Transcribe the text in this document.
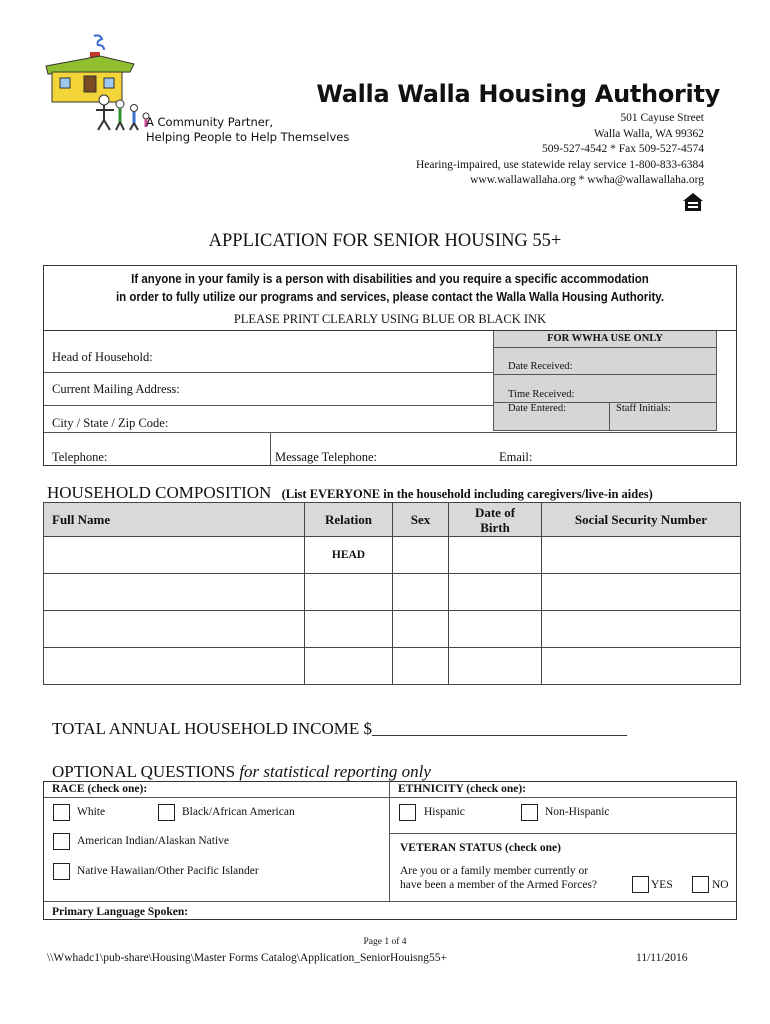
Walla Walla Housing Authority
A Community Partner,
Helping People to Help Themselves
501 Cayuse Street
Walla Walla, WA 99362
509-527-4542 * Fax 509-527-4574
Hearing-impaired, use statewide relay service 1-800-833-6384
www.wallawallaha.org * wwha@wallawallaha.org
APPLICATION FOR SENIOR HOUSING 55+
If anyone in your family is a person with disabilities and you require a specific accommodation
in order to fully utilize our programs and services, please contact the Walla Walla Housing Authority.
PLEASE PRINT CLEARLY USING BLUE OR BLACK INK
Head of Household:
Current Mailing Address:
City / State / Zip Code:
Telephone:	Message Telephone:	Email:
FOR WWHA USE ONLY
Date Received:
Time Received:
Date Entered:	Staff Initials:
HOUSEHOLD COMPOSITION (List EVERYONE in the household including caregivers/live-in aides)
Full Name	Relation	Sex	Date of Birth	Social Security Number
	HEAD			

TOTAL ANNUAL HOUSEHOLD INCOME $______________________________
OPTIONAL QUESTIONS for statistical reporting only
RACE (check one):	ETHNICITY (check one):
White	Black/African American
American Indian/Alaskan Native
Native Hawaiian/Other Pacific Islander
Hispanic	Non-Hispanic
VETERAN STATUS (check one)
Are you or a family member currently or
have been a member of the Armed Forces?	YES	NO
Primary Language Spoken:
Page 1 of 4
\\Wwhadc1\pub-share\Housing\Master Forms Catalog\Application_SeniorHouisng55+	11/11/2016
